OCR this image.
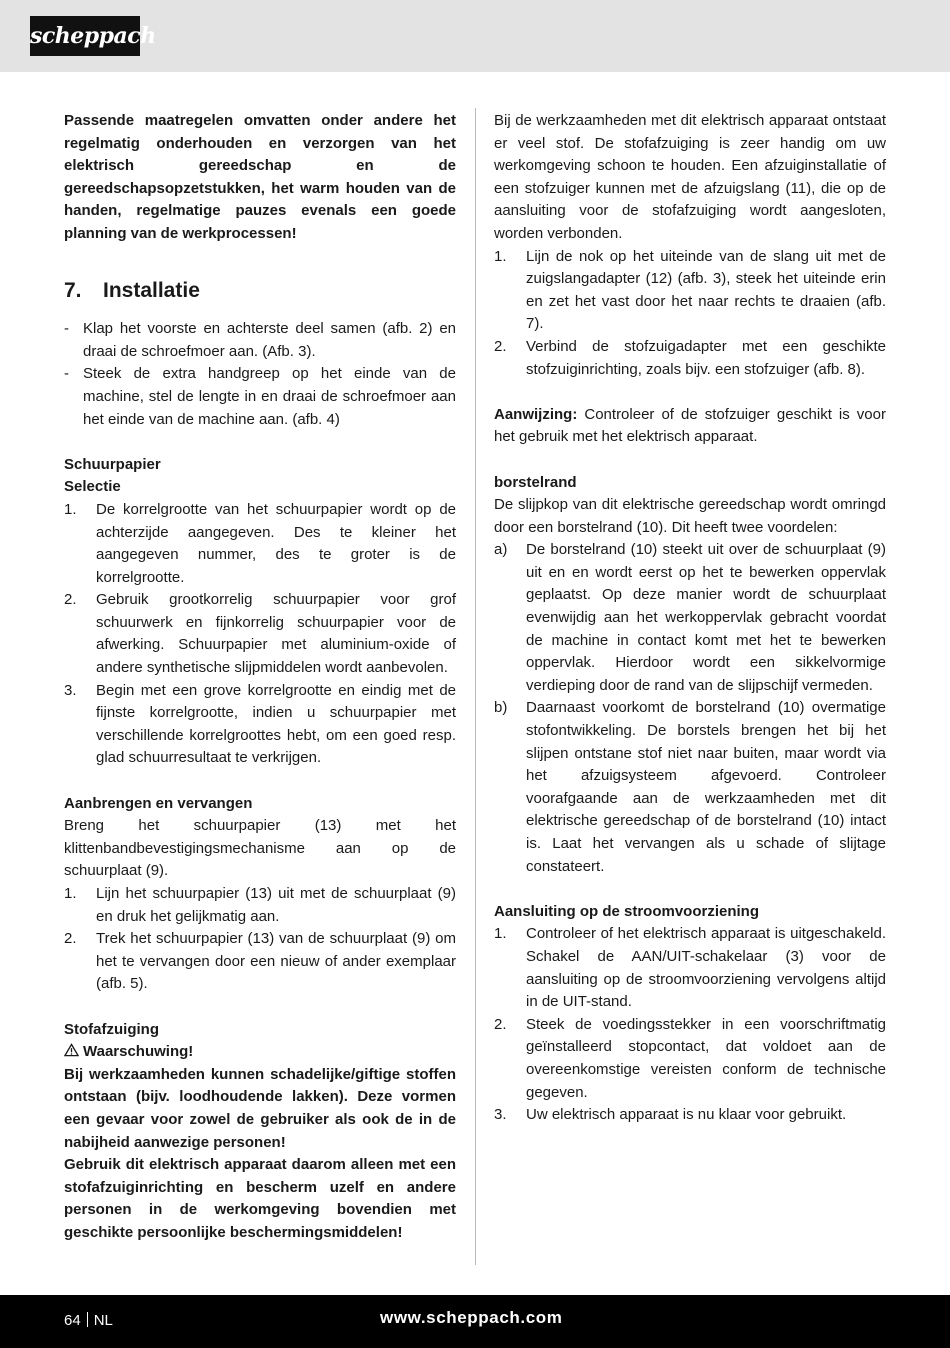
scheppach

Passende maatregelen omvatten onder andere het regelmatig onderhouden en verzorgen van het elektrisch gereedschap en de gereedschapsopzetstukken, het warm houden van de handen, regelmatige pauzes evenals een goede planning van de werkprocessen!

7.	Installatie
- Klap het voorste en achterste deel samen (afb. 2) en draai de schroefmoer aan. (Afb. 3).
- Steek de extra handgreep op het einde van de machine, stel de lengte in en draai de schroefmoer aan het einde van de machine aan. (afb. 4)
Schuurpapier
Selectie
1.	De korrelgrootte van het schuurpapier wordt op de achterzijde aangegeven. Des te kleiner het aangegeven nummer, des te groter is de korrelgrootte.
2.	Gebruik grootkorrelig schuurpapier voor grof schuurwerk en fijnkorrelig schuurpapier voor de afwerking. Schuurpapier met aluminium-oxide of andere synthetische slijpmiddelen wordt aanbevolen.
3.	Begin met een grove korrelgrootte en eindig met de fijnste korrelgrootte, indien u schuurpapier met verschillende korrelgroottes hebt, om een goed resp. glad schuurresultaat te verkrijgen.
Aanbrengen en vervangen

Breng het schuurpapier (13) met het klittenbandbevestigingsmechanisme aan op de schuurplaat (9).

1.	Lijn het schuurpapier (13) uit met de schuurplaat (9) en druk het gelijkmatig aan.
2.	Trek het schuurpapier (13) van de schuurplaat (9) om het te vervangen door een nieuw of ander exemplaar (afb. 5).
Stofafzuiging
Waarschuwing!

Bij werkzaamheden kunnen schadelijke/giftige stoffen ontstaan (bijv. loodhoudende lakken). Deze vormen een gevaar voor zowel de gebruiker als ook de in de nabijheid aanwezige personen!

Gebruik dit elektrisch apparaat daarom alleen met een stofafzuiginrichting en bescherm uzelf en andere personen in de werkomgeving bovendien met geschikte persoonlijke beschermingsmiddelen!

Bij de werkzaamheden met dit elektrisch apparaat ontstaat er veel stof. De stofafzuiging is zeer handig om uw werkomgeving schoon te houden. Een afzuiginstallatie of een stofzuiger kunnen met de afzuigslang (11), die op de aansluiting voor de stofafzuiging wordt aangesloten, worden verbonden.

1.	Lijn de nok op het uiteinde van de slang uit met de zuigslangadapter (12) (afb. 3), steek het uiteinde erin en zet het vast door het naar rechts te draaien (afb. 7).
2.	Verbind de stofzuigadapter met een geschikte stofzuiginrichting, zoals bijv. een stofzuiger (afb. 8).

Aanwijzing: Controleer of de stofzuiger geschikt is voor het gebruik met het elektrisch apparaat.

borstelrand

De slijpkop van dit elektrische gereedschap wordt omringd door een borstelrand (10). Dit heeft twee voordelen:

a)	De borstelrand (10) steekt uit over de schuurplaat (9) uit en en wordt eerst op het te bewerken oppervlak geplaatst. Op deze manier wordt de schuurplaat evenwijdig aan het werkoppervlak gebracht voordat de machine in contact komt met het te bewerken oppervlak. Hierdoor wordt een sikkelvormige verdieping door de rand van de slijpschijf vermeden.
b)	Daarnaast voorkomt de borstelrand (10) overmatige stofontwikkeling. De borstels brengen het bij het slijpen ontstane stof niet naar buiten, maar wordt via het afzuigsysteem afgevoerd. Controleer voorafgaande aan de werkzaamheden met dit elektrische gereedschap of de borstelrand (10) intact is. Laat het vervangen als u schade of slijtage constateert.
Aansluiting op de stroomvoorziening
1.	Controleer of het elektrisch apparaat is uitgeschakeld. Schakel de AAN/UIT-schakelaar (3) voor de aansluiting op de stroomvoorziening vervolgens altijd in de UIT-stand.
2.	Steek de voedingsstekker in een voorschriftmatig geïnstalleerd stopcontact, dat voldoet aan de overeenkomstige vereisten conform de technische gegeven.
3.	Uw elektrisch apparaat is nu klaar voor gebruikt.
64 NL	www.scheppach.com
